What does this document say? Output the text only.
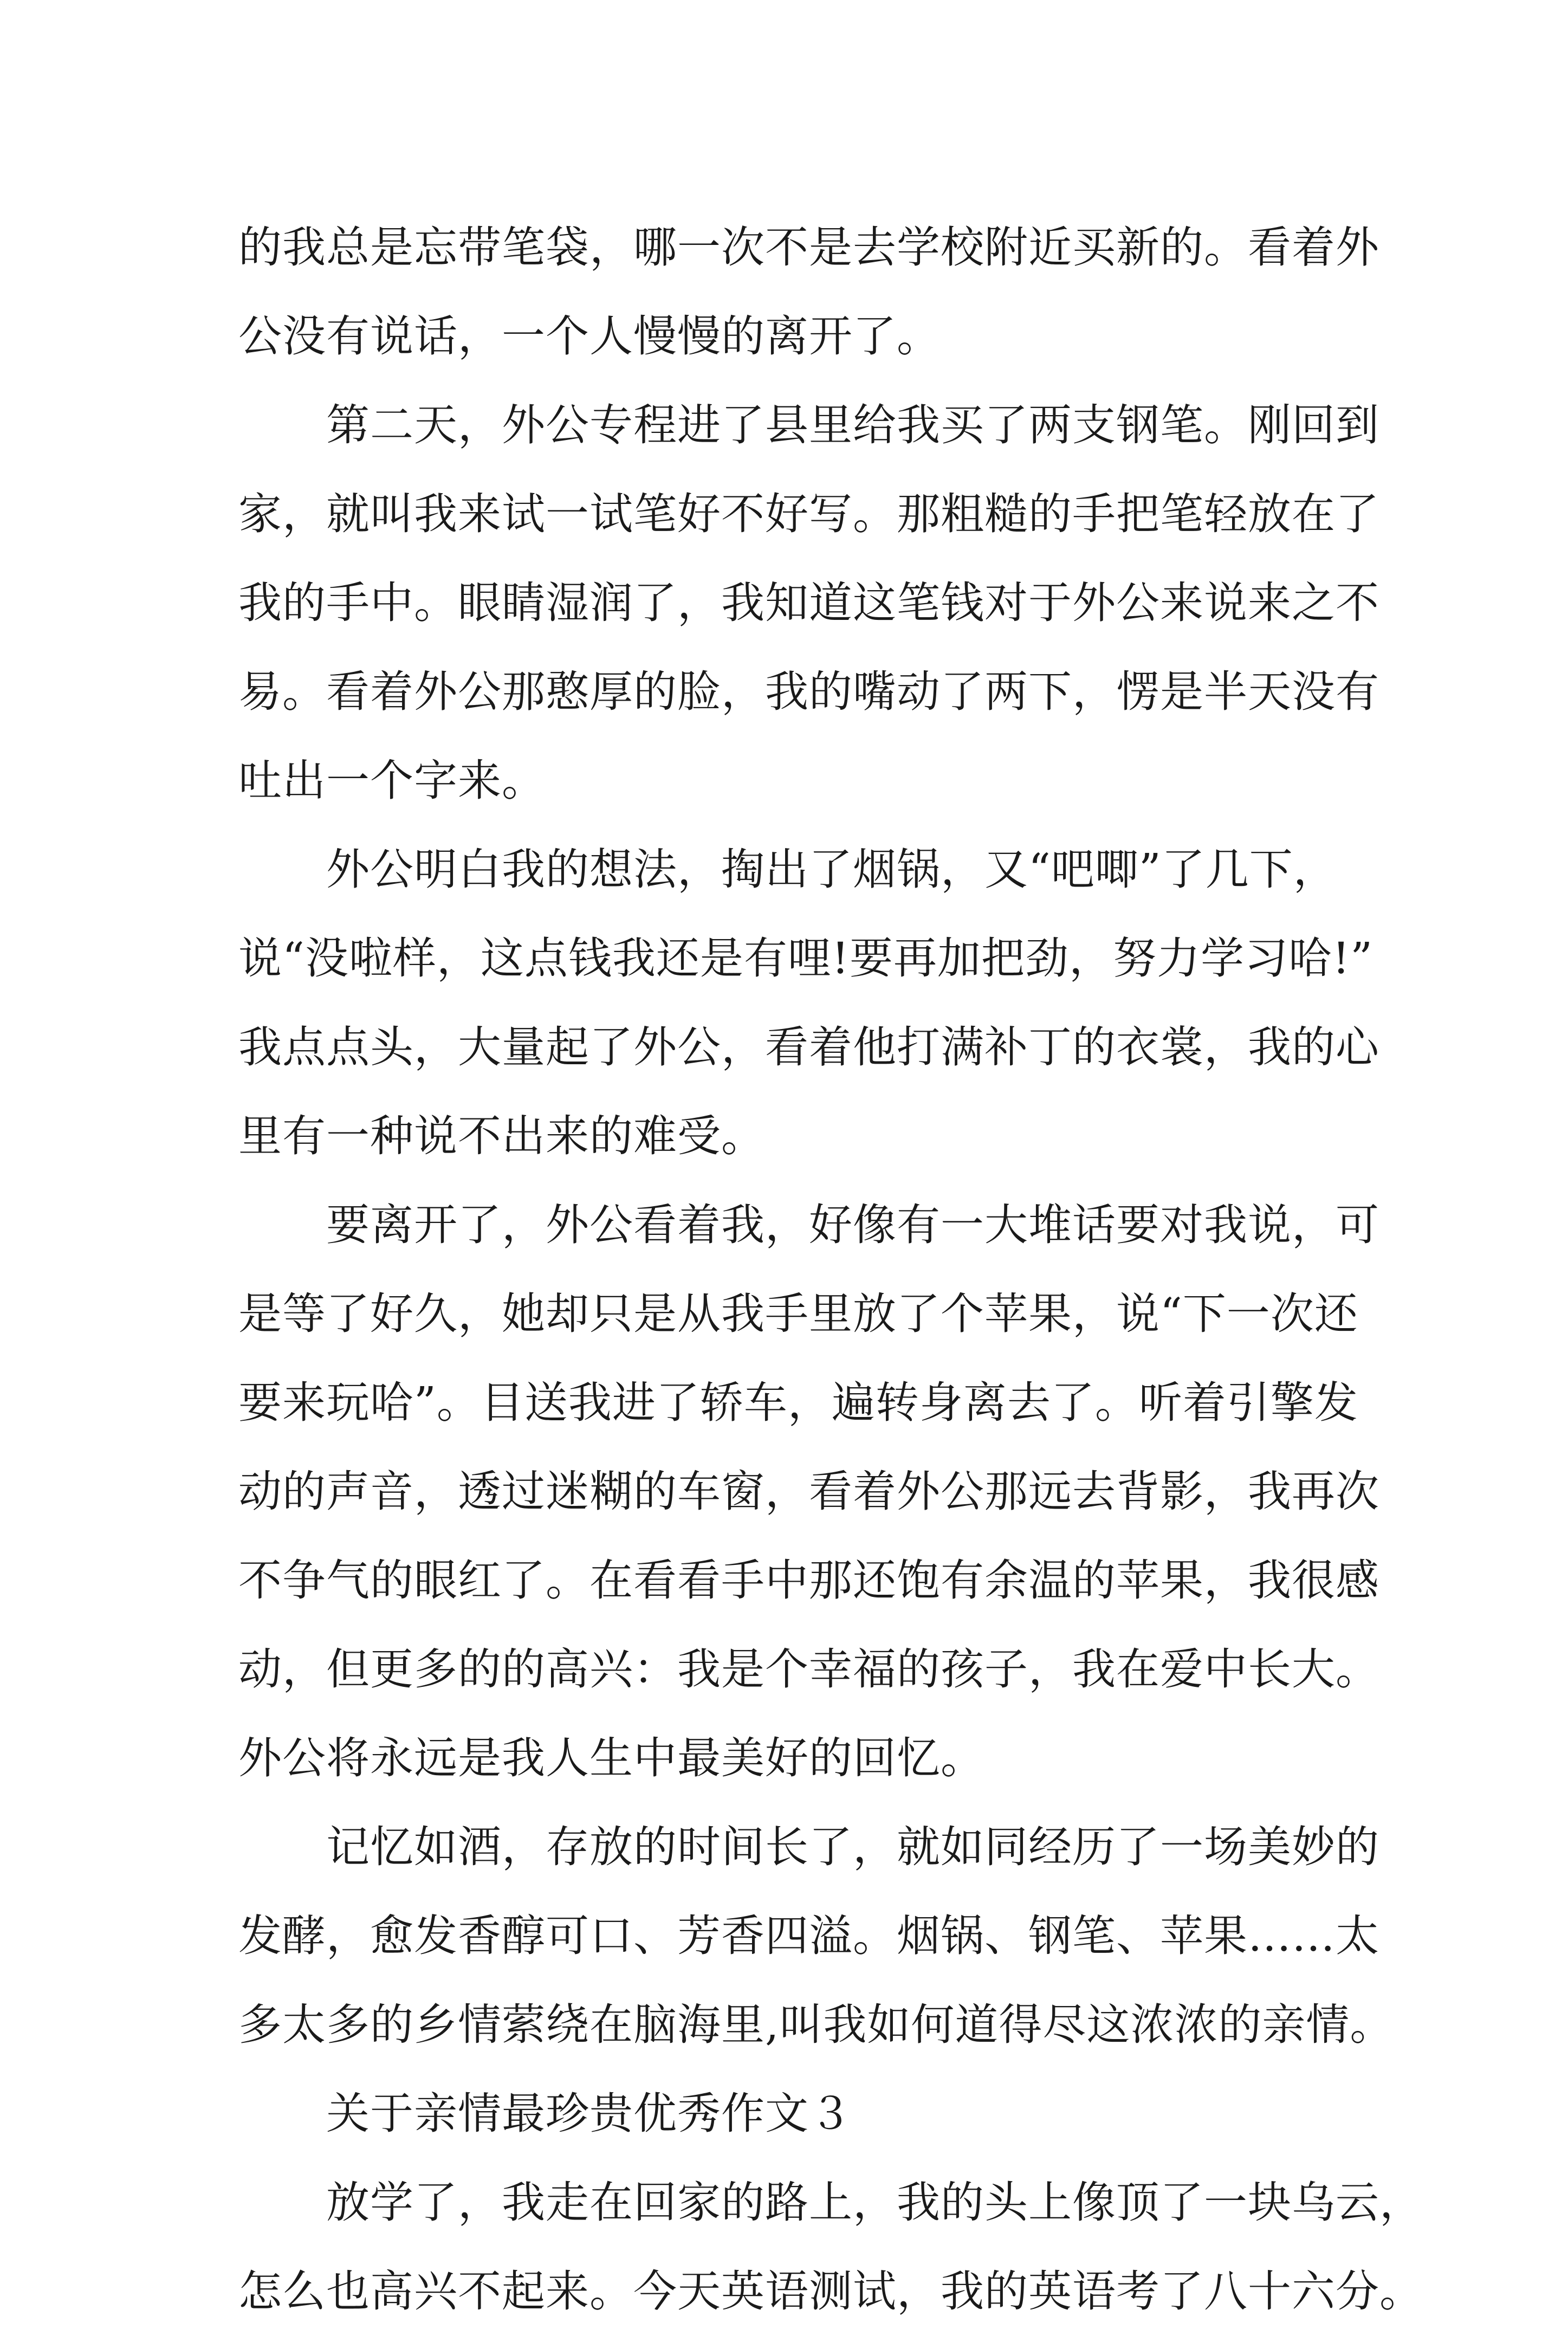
的我总是忘带笔袋，哪一次不是去学校附近买新的。看着外
公没有说话，一个人慢慢的离开了。
　　第二天，外公专程进了县里给我买了两支钢笔。刚回到
家，就叫我来试一试笔好不好写。那粗糙的手把笔轻放在了
我的手中。眼睛湿润了，我知道这笔钱对于外公来说来之不
易。看着外公那憨厚的脸，我的嘴动了两下，愣是半天没有
吐出一个字来。
　　外公明白我的想法，掏出了烟锅，又“吧唧”了几下，
说“没啦样，这点钱我还是有哩!要再加把劲，努力学习哈!”
我点点头，大量起了外公，看着他打满补丁的衣裳，我的心
里有一种说不出来的难受。
　　要离开了，外公看着我，好像有一大堆话要对我说，可
是等了好久，她却只是从我手里放了个苹果，说“下一次还
要来玩哈”。目送我进了轿车，遍转身离去了。听着引擎发
动的声音，透过迷糊的车窗，看着外公那远去背影，我再次
不争气的眼红了。在看看手中那还饱有余温的苹果，我很感
动，但更多的的高兴：我是个幸福的孩子，我在爱中长大。
外公将永远是我人生中最美好的回忆。
　　记忆如酒，存放的时间长了，就如同经历了一场美妙的
发酵，愈发香醇可口、芳香四溢。烟锅、钢笔、苹果……太
多太多的乡情萦绕在脑海里,叫我如何道得尽这浓浓的亲情。
　　关于亲情最珍贵优秀作文３
　　放学了，我走在回家的路上，我的头上像顶了一块乌云，
怎么也高兴不起来。今天英语测试，我的英语考了八十六分。
